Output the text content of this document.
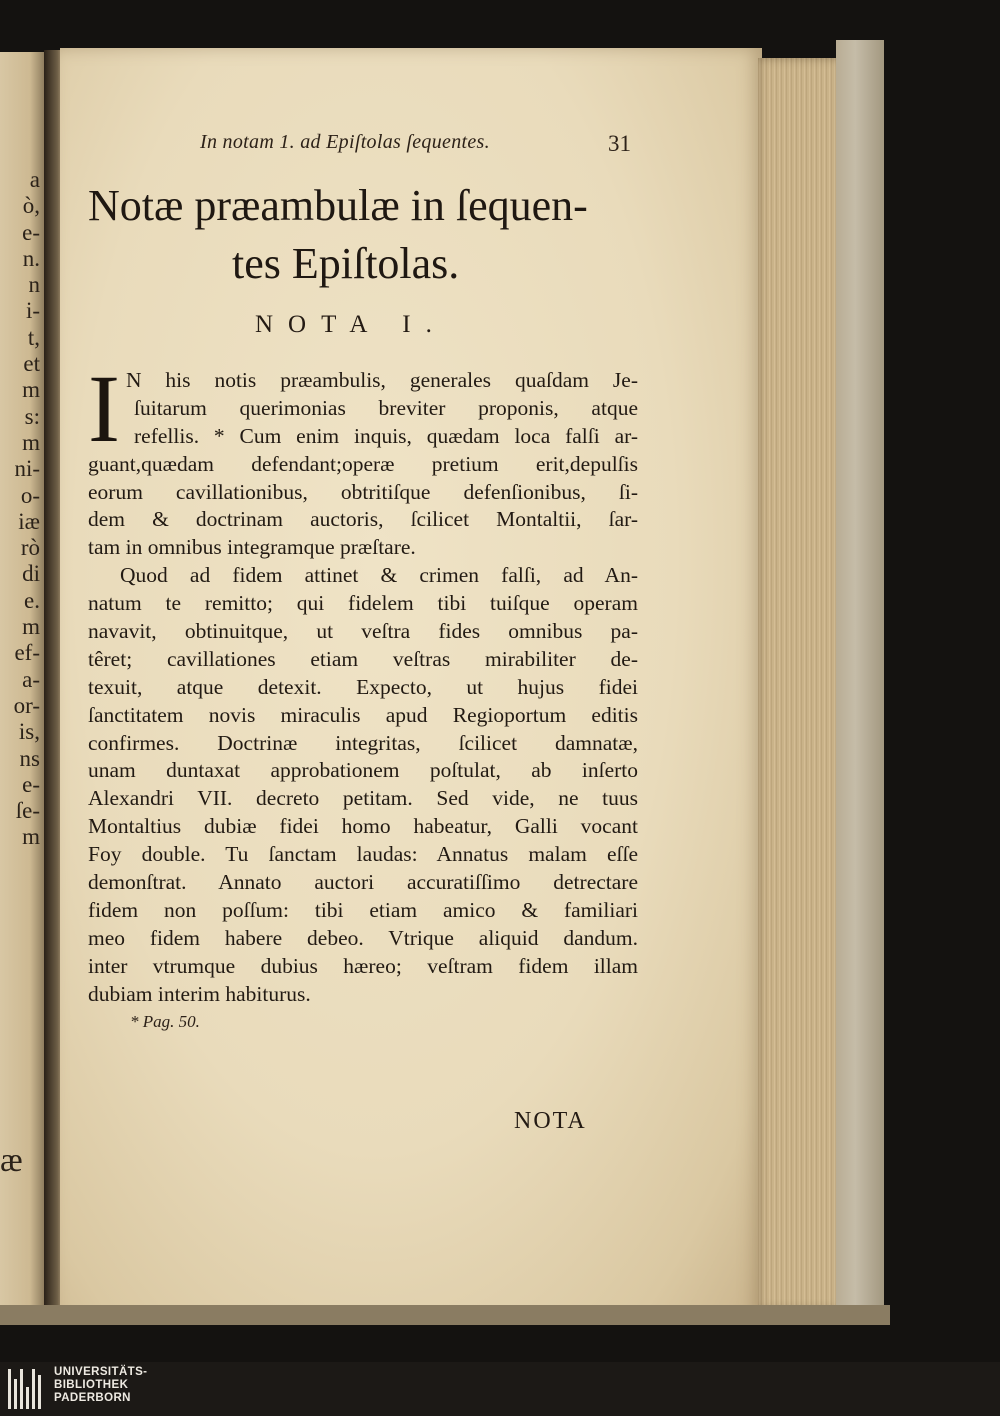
a
ò,
e-
n.
n
i-
t,
et
m
s:
m
ni-
o-
iæ
rò
di
e.
m
ef-
a-
or-
is,
ns
e-
ſe-
m
æ
In notam 1. ad Epiſtolas ſequentes.	31
Notæ præambulæ in ſequen-
tes Epiſtolas.
NOTA I.
I N his notis præambulis, generales quaſdam Je-
ſuitarum querimonias breviter proponis, atque
refellis. * Cum enim inquis, quædam loca falſi ar-
guant,quædam defendant;operæ pretium erit,depulſis
eorum cavillationibus, obtritiſque defenſionibus, ſi-
dem & doctrinam auctoris, ſcilicet Montaltii, ſar-
tam in omnibus integramque præſtare.
Quod ad fidem attinet & crimen falſi, ad An-
natum te remitto; qui fidelem tibi tuiſque operam
navavit, obtinuitque, ut veſtra fides omnibus pa-
têret; cavillationes etiam veſtras mirabiliter de-
texuit, atque detexit. Expecto, ut hujus fidei
ſanctitatem novis miraculis apud Regioportum editis
confirmes. Doctrinæ integritas, ſcilicet damnatæ,
unam duntaxat approbationem poſtulat, ab inſerto
Alexandri VII. decreto petitam. Sed vide, ne tuus
Montaltius dubiæ fidei homo habeatur, Galli vocant
Foy double. Tu ſanctam laudas: Annatus malam eſſe
demonſtrat. Annato auctori accuratiſſimo detrectare
fidem non poſſum: tibi etiam amico & familiari
meo fidem habere debeo. Vtrique aliquid dandum.
inter vtrumque dubius hæreo; veſtram fidem illam
dubiam interim habiturus.
* Pag. 50.
NOTA
UNIVERSITÄTS-
BIBLIOTHEK
PADERBORN
